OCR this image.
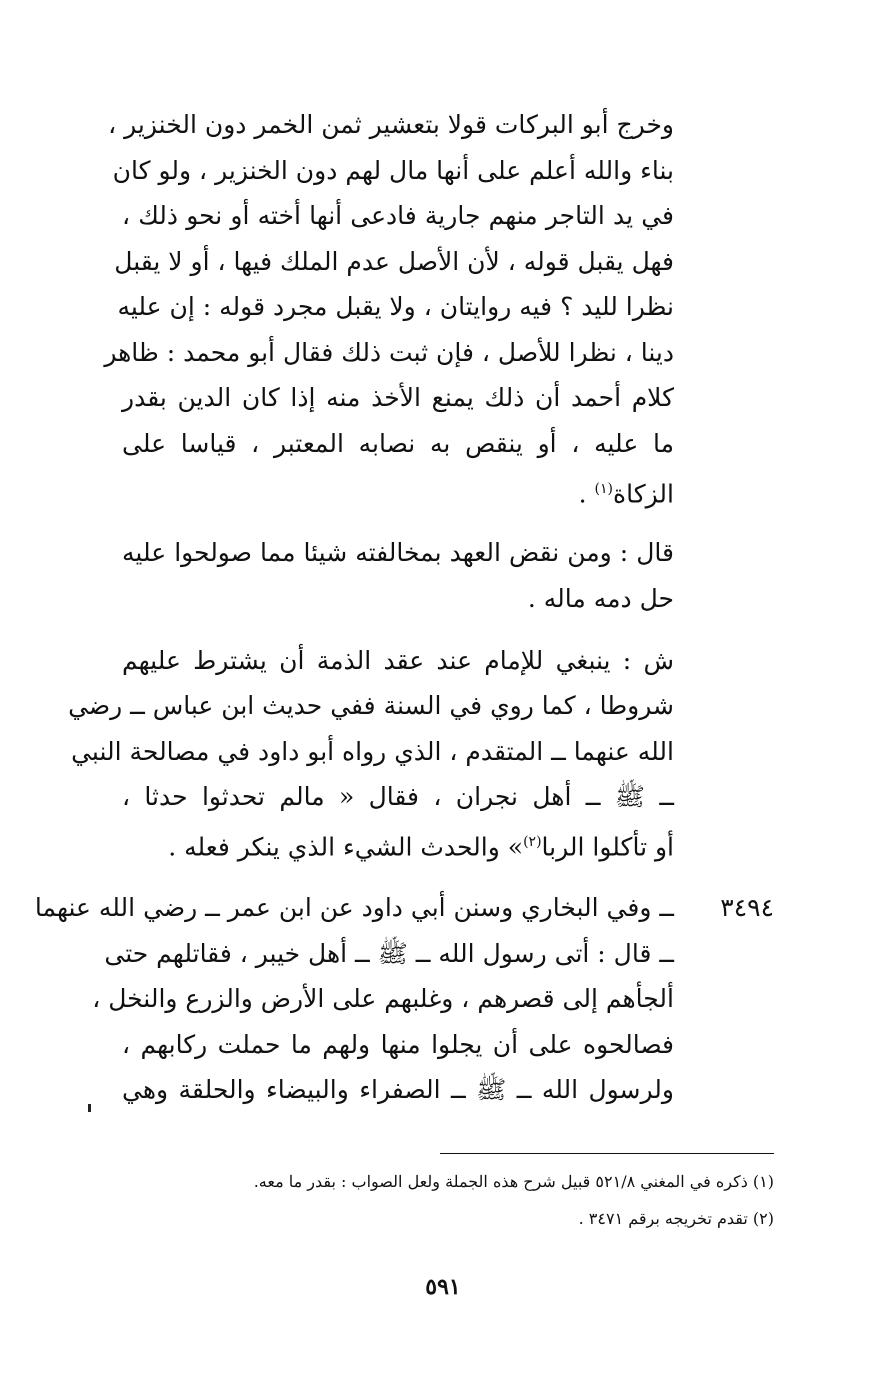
وخرج أبو البركات قولا بتعشير ثمن الخمر دون الخنزير ،
بناء والله أعلم على أنها مال لهم دون الخنزير ، ولو كان
في يد التاجر منهم جارية فادعى أنها أخته أو نحو ذلك ،
فهل يقبل قوله ، لأن الأصل عدم الملك فيها ، أو لا يقبل
نظرا لليد ؟ فيه روايتان ، ولا يقبل مجرد قوله : إن عليه
دينا ، نظرا للأصل ، فإن ثبت ذلك فقال أبو محمد : ظاهر
كلام أحمد أن ذلك يمنع الأخذ منه إذا كان الدين بقدر
ما عليه ، أو ينقص به نصابه المعتبر ، قياسا على
الزكاة$^{(١)}$ .
قال : ومن نقض العهد بمخالفته شيئا مما صولحوا عليه
حل دمه ماله .
ش : ينبغي للإمام عند عقد الذمة أن يشترط عليهم
شروطا ، كما روي في السنة ففي حديث ابن عباس ــ رضي
الله عنهما ــ المتقدم ، الذي رواه أبو داود في مصالحة النبي
ــ ﷺ ــ أهل نجران ، فقال « مالم تحدثوا حدثا ،
أو تأكلوا الربا$^{(٢)}$» والحدث الشيء الذي ينكر فعله .
٣٤٩٤
ــ وفي البخاري وسنن أبي داود عن ابن عمر ــ رضي الله عنهما
ــ قال : أتى رسول الله ــ ﷺ ــ أهل خيبر ، فقاتلهم حتى
ألجأهم إلى قصرهم ، وغلبهم على الأرض والزرع والنخل ،
فصالحوه على أن يجلوا منها ولهم ما حملت ركابهم ،
ولرسول الله ــ ﷺ ــ الصفراء والبيضاء والحلقة وهي
(١) ذكره في المغني ٥٢١/٨ قبيل شرح هذه الجملة ولعل الصواب : بقدر ما معه.
(٢) تقدم تخريجه برقم ٣٤٧١ .
٥٩١
